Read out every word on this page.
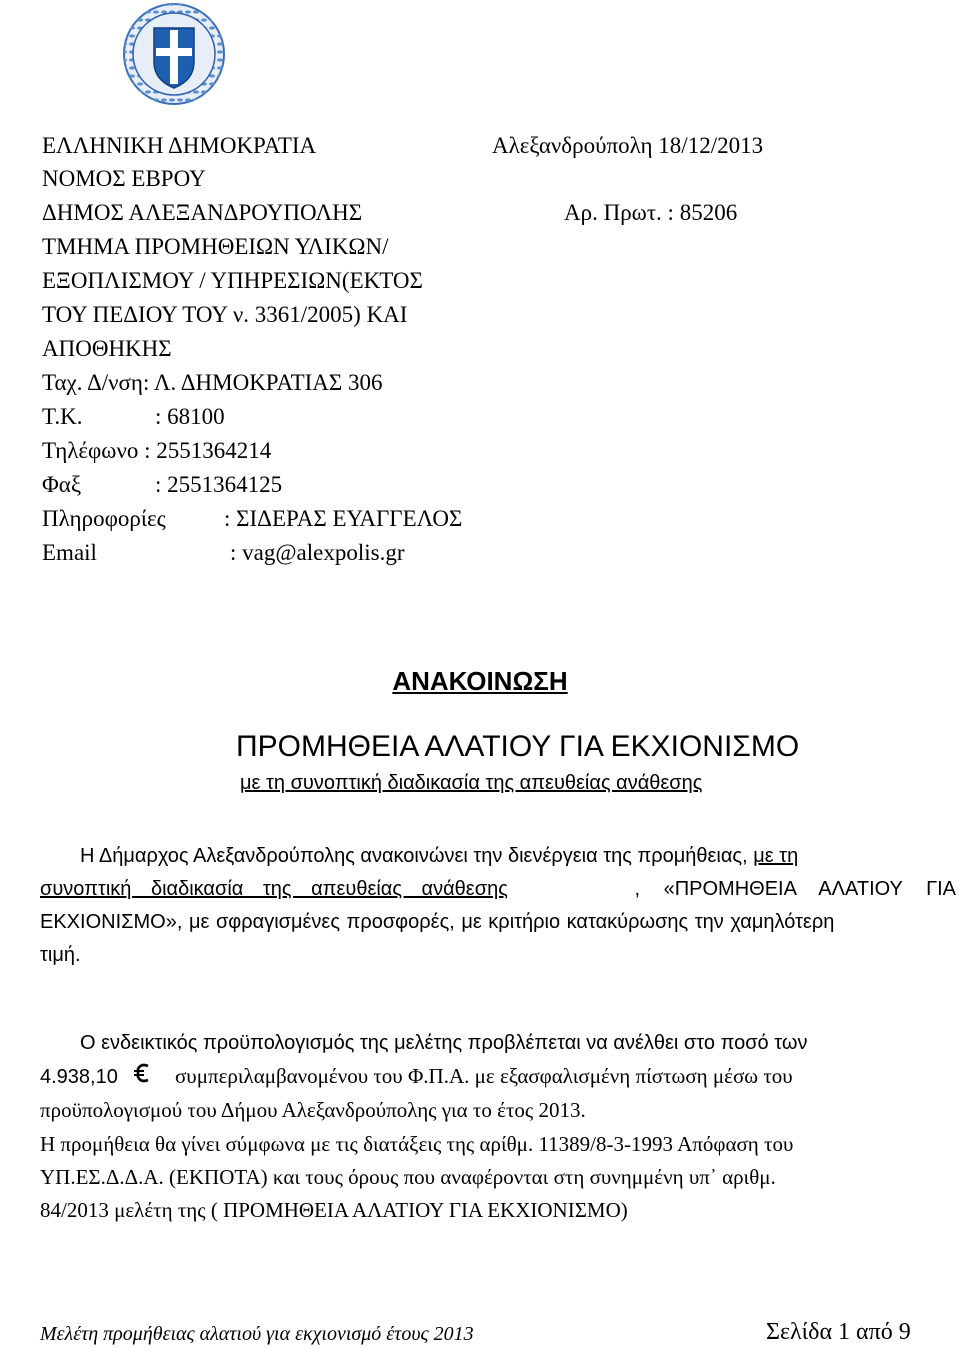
ΕΛΛΗΝΙΚΗ ΔΗΜΟΚΡΑΤΙΑ
ΝΟΜΟΣ ΕΒΡΟΥ
ΔΗΜΟΣ ΑΛΕΞΑΝΔΡΟΥΠΟΛΗΣ
ΤΜΗΜΑ ΠΡΟΜΗΘΕΙΩΝ ΥΛΙΚΩΝ/
ΕΞΟΠΛΙΣΜΟΥ / ΥΠΗΡΕΣΙΩΝ(ΕΚΤΟΣ
ΤΟΥ ΠΕΔΙΟΥ ΤΟΥ ν. 3361/2005) ΚΑΙ
ΑΠΟΘΗΚΗΣ
Ταχ. Δ/νση: Λ. ΔΗΜΟΚΡΑΤΙΑΣ 306
Τ.Κ.	: 68100
Τηλέφωνο : 2551364214
Φαξ	: 2551364125
Πληροφορίες	: ΣΙΔΕΡΑΣ ΕΥΑΓΓΕΛΟΣ
Email	: vag@alexpolis.gr
Αλεξανδρούπολη 18/12/2013
Αρ. Πρωτ. : 85206
ΑΝΑΚΟΙΝΩΣΗ
ΠΡΟΜΗΘΕΙΑ ΑΛΑΤΙΟΥ ΓΙΑ ΕΚΧΙΟΝΙΣΜΟ
με τη συνοπτική διαδικασία της απευθείας ανάθεσης
Η Δήμαρχος Αλεξανδρούπολης ανακοινώνει την διενέργεια της προμήθειας, με τη
συνοπτική διαδικασία της απευθείας ανάθεσης	, «ΠΡΟΜΗΘΕΙΑ ΑΛΑΤΙΟΥ ΓΙΑ
ΕΚΧΙΟΝΙΣΜΟ», με σφραγισμένες προσφορές, με κριτήριο κατακύρωσης την χαμηλότερη
τιμή.
Ο ενδεικτικός προϋπολογισμός της μελέτης προβλέπεται να ανέλθει στο ποσό των
4.938,10	συμπεριλαμβανομένου του Φ.Π.Α. με εξασφαλισμένη πίστωση μέσω του
προϋπολογισμού του Δήμου Αλεξανδρούπολης για το έτος 2013.
Η προμήθεια θα γίνει σύμφωνα με τις διατάξεις της αρίθμ. 11389/8-3-1993 Απόφαση του
ΥΠ.ΕΣ.Δ.Δ.Α. (ΕΚΠΟΤΑ) και τους όρους που αναφέρονται στη συνημμένη υπ᾽ αριθμ.
84/2013 μελέτη της ( ΠΡΟΜΗΘΕΙΑ ΑΛΑΤΙΟΥ ΓΙΑ ΕΚΧΙΟΝΙΣΜΟ)
Μελέτη προμήθειας αλατιού για εκχιονισμό έτους 2013	Σελίδα 1 από 9
